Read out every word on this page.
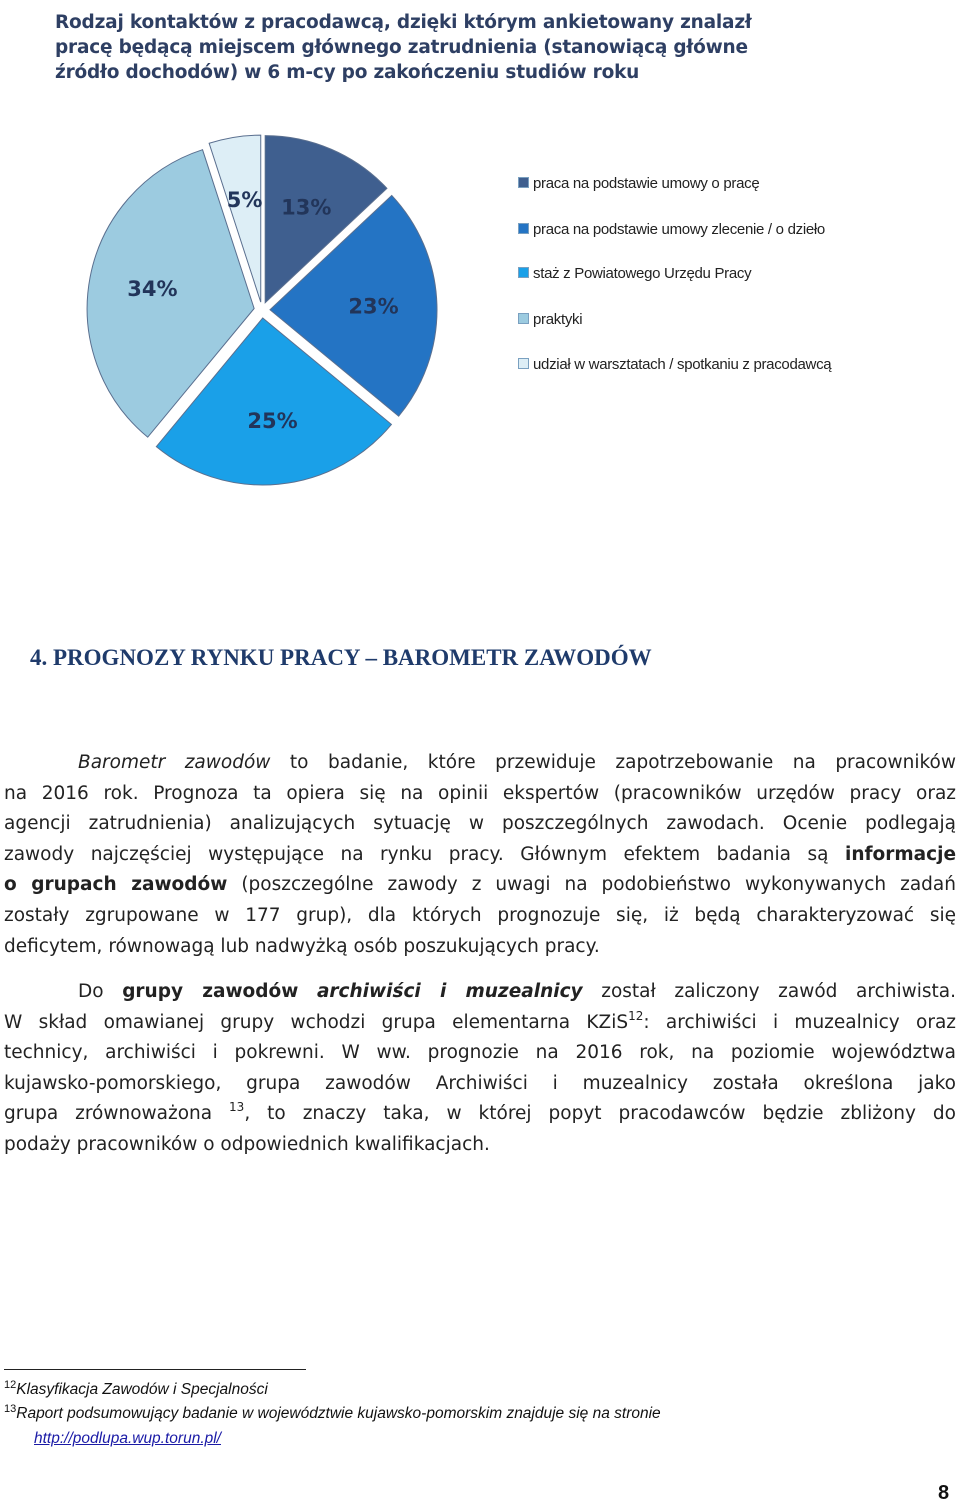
Rodzaj kontaktów z pracodawcą, dzięki którym ankietowany znalazł
pracę będącą miejscem głównego zatrudnienia (stanowiącą główne
źródło dochodów) w 6 m-cy po zakończeniu studiów roku
13%
23%
25%
34%
5%
praca na podstawie umowy o pracę
praca na podstawie umowy zlecenie / o dzieło
staż z Powiatowego Urzędu Pracy
praktyki
udział w warsztatach / spotkaniu z pracodawcą
4. PROGNOZY RYNKU PRACY – BAROMETR ZAWODÓW
Barometr zawodów to badanie, które przewiduje zapotrzebowanie na pracowników
na 2016 rok. Prognoza ta opiera się na opinii ekspertów (pracowników urzędów pracy oraz
agencji zatrudnienia) analizujących sytuację w poszczególnych zawodach. Ocenie podlegają
zawody najczęściej występujące na rynku pracy. Głównym efektem badania są informacje
o grupach zawodów (poszczególne zawody z uwagi na podobieństwo wykonywanych zadań
zostały zgrupowane w 177 grup), dla których prognozuje się, iż będą charakteryzować się
deficytem, równowagą lub nadwyżką osób poszukujących pracy.
Do grupy zawodów archiwiści i muzealnicy został zaliczony zawód archiwista.
W skład omawianej grupy wchodzi grupa elementarna KZiS$^{12}$: archiwiści i muzealnicy oraz
technicy, archiwiści i pokrewni. W ww. prognozie na 2016 rok, na poziomie województwa
kujawsko-pomorskiego, grupa zawodów Archiwiści i muzealnicy została określona jako
grupa zrównoważona $^{13}$, to znaczy taka, w której popyt pracodawców będzie zbliżony do
podaży pracowników o odpowiednich kwalifikacjach.
$^{12}$Klasyfikacja Zawodów i Specjalności
$^{13}$Raport podsumowujący badanie w województwie kujawsko-pomorskim znajduje się na stronie
http://podlupa.wup.torun.pl/
8
